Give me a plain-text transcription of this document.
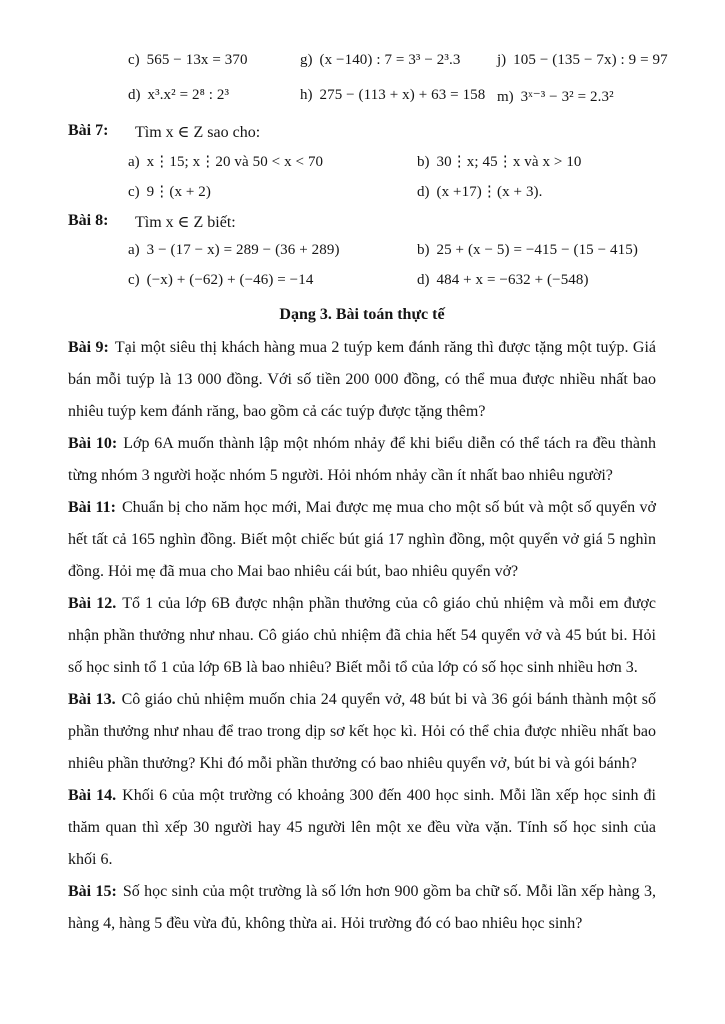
c) 565 − 13x = 370	g) (x −140) : 7 = 3³ − 2³.3 j) 105 − (135 − 7x) : 9 = 97
d) x³.x² = 2⁸ : 2³	h) 275 − (113 + x) + 63 = 158 m) 3ˣ⁻³ − 3² = 2.3²
Bài 7: Tìm x ∈ Z sao cho:
a) x⋮15; x⋮20 và 50 < x < 70	b) 30⋮x; 45⋮x và x > 10
c) 9⋮(x + 2)	d) (x +17)⋮(x + 3).
Bài 8: Tìm x ∈ Z biết:
a) 3 − (17 − x) = 289 − (36 + 289)	b) 25 + (x − 5) = −415 − (15 − 415)
c) (−x) + (−62) + (−46) = −14	d) 484 + x = −632 + (−548)
Dạng 3. Bài toán thực tế

Bài 9: Tại một siêu thị khách hàng mua 2 tuýp kem đánh răng thì được tặng một tuýp. Giá bán mỗi tuýp là 13 000 đồng. Với số tiền 200 000 đồng, có thể mua được nhiều nhất bao nhiêu tuýp kem đánh răng, bao gồm cả các tuýp được tặng thêm?

Bài 10: Lớp 6A muốn thành lập một nhóm nhảy để khi biểu diễn có thể tách ra đều thành từng nhóm 3 người hoặc nhóm 5 người. Hỏi nhóm nhảy cần ít nhất bao nhiêu người?

Bài 11: Chuẩn bị cho năm học mới, Mai được mẹ mua cho một số bút và một số quyển vở hết tất cả 165 nghìn đồng. Biết một chiếc bút giá 17 nghìn đồng, một quyển vở giá 5 nghìn đồng. Hỏi mẹ đã mua cho Mai bao nhiêu cái bút, bao nhiêu quyển vở?

Bài 12. Tổ 1 của lớp 6B được nhận phần thưởng của cô giáo chủ nhiệm và mỗi em được nhận phần thưởng như nhau. Cô giáo chủ nhiệm đã chia hết 54 quyển vở và 45 bút bi. Hỏi số học sinh tổ 1 của lớp 6B là bao nhiêu? Biết mỗi tổ của lớp có số học sinh nhiều hơn 3.

Bài 13. Cô giáo chủ nhiệm muốn chia 24 quyển vở, 48 bút bi và 36 gói bánh thành một số phần thưởng như nhau để trao trong dịp sơ kết học kì. Hỏi có thể chia được nhiều nhất bao nhiêu phần thưởng? Khi đó mỗi phần thưởng có bao nhiêu quyển vở, bút bi và gói bánh?

Bài 14. Khối 6 của một trường có khoảng 300 đến 400 học sinh. Mỗi lần xếp học sinh đi thăm quan thì xếp 30 người hay 45 người lên một xe đều vừa vặn. Tính số học sinh của khối 6.

Bài 15: Số học sinh của một trường là số lớn hơn 900 gồm ba chữ số. Mỗi lần xếp hàng 3, hàng 4, hàng 5 đều vừa đủ, không thừa ai. Hỏi trường đó có bao nhiêu học sinh?
